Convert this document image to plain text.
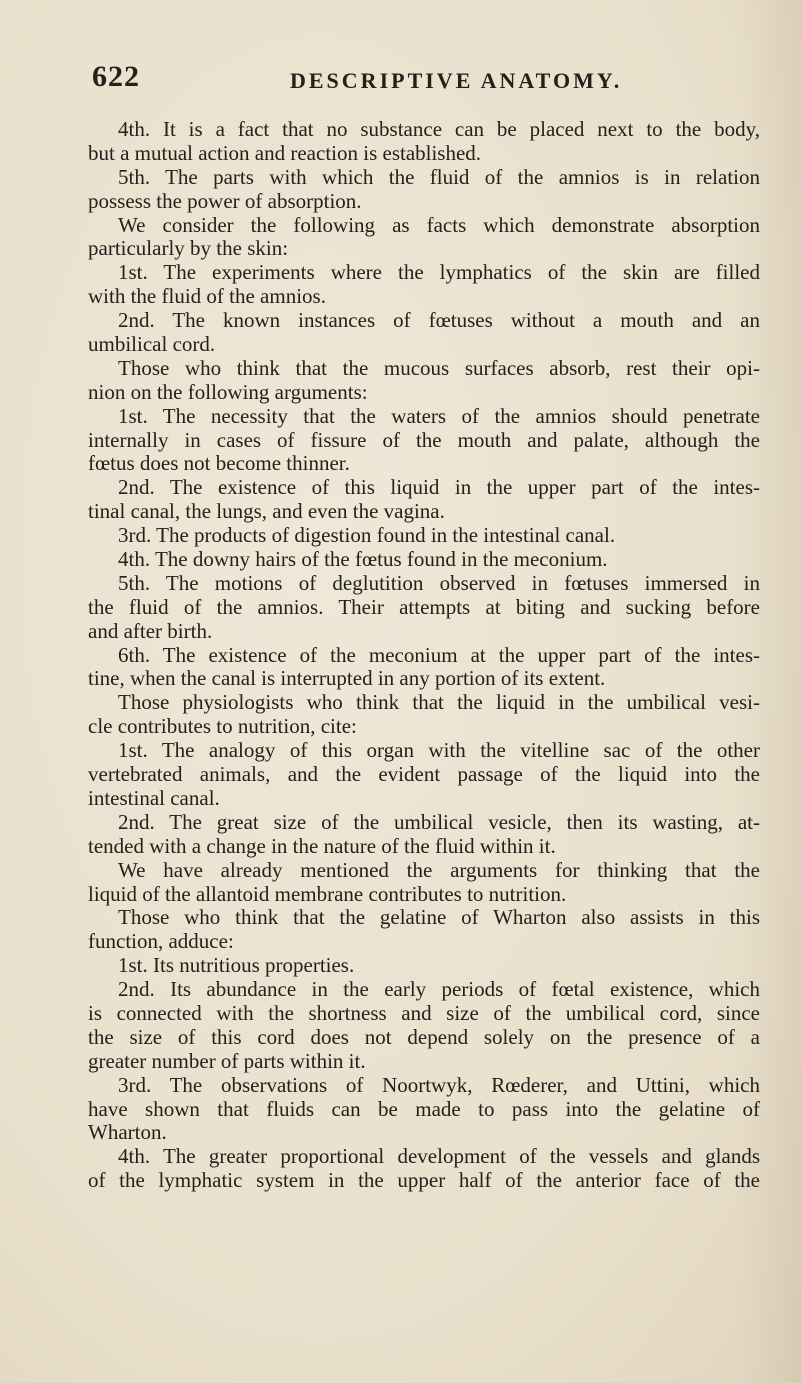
622	DESCRIPTIVE ANATOMY.
4th. It is a fact that no substance can be placed next to the body,
but a mutual action and reaction is established.
5th. The parts with which the fluid of the amnios is in relation
possess the power of absorption.
We consider the following as facts which demonstrate absorption
particularly by the skin:
1st. The experiments where the lymphatics of the skin are filled
with the fluid of the amnios.
2nd. The known instances of fœtuses without a mouth and an
umbilical cord.
Those who think that the mucous surfaces absorb, rest their opi-
nion on the following arguments:
1st. The necessity that the waters of the amnios should penetrate
internally in cases of fissure of the mouth and palate, although the
fœtus does not become thinner.
2nd. The existence of this liquid in the upper part of the intes-
tinal canal, the lungs, and even the vagina.
3rd. The products of digestion found in the intestinal canal.
4th. The downy hairs of the fœtus found in the meconium.
5th. The motions of deglutition observed in fœtuses immersed in
the fluid of the amnios. Their attempts at biting and sucking before
and after birth.
6th. The existence of the meconium at the upper part of the intes-
tine, when the canal is interrupted in any portion of its extent.
Those physiologists who think that the liquid in the umbilical vesi-
cle contributes to nutrition, cite:
1st. The analogy of this organ with the vitelline sac of the other
vertebrated animals, and the evident passage of the liquid into the
intestinal canal.
2nd. The great size of the umbilical vesicle, then its wasting, at-
tended with a change in the nature of the fluid within it.
We have already mentioned the arguments for thinking that the
liquid of the allantoid membrane contributes to nutrition.
Those who think that the gelatine of Wharton also assists in this
function, adduce:
1st. Its nutritious properties.
2nd. Its abundance in the early periods of fœtal existence, which
is connected with the shortness and size of the umbilical cord, since
the size of this cord does not depend solely on the presence of a
greater number of parts within it.
3rd. The observations of Noortwyk, Rœderer, and Uttini, which
have shown that fluids can be made to pass into the gelatine of
Wharton.
4th. The greater proportional development of the vessels and glands
of the lymphatic system in the upper half of the anterior face of the
